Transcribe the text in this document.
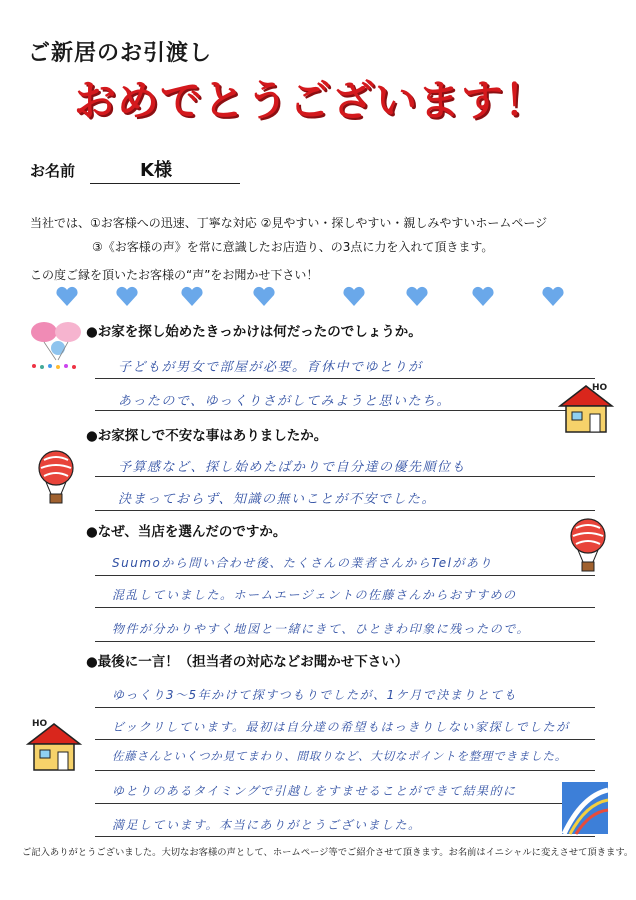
ご新居のお引渡し
おめでとうございます！
お名前	K様
当社では、①お客様への迅速、丁寧な対応 ②見やすい・探しやすい・親しみやすいホームページ
③《お客様の声》を常に意識したお店造り、の3点に力を入れて頂きます。
この度ご縁を頂いたお客様の“声”をお聞かせ下さい！
●お家を探し始めたきっかけは何だったのでしょうか。
子どもが男女で部屋が必要。育休中でゆとりが
あったので、ゆっくりさがしてみようと思いたち。
●お家探しで不安な事はありましたか。
予算感など、探し始めたばかりで自分達の優先順位も
決まっておらず、知識の無いことが不安でした。
●なぜ、当店を選んだのですか。
Suumoから問い合わせ後、たくさんの業者さんからTelがあり
混乱していました。ホームエージェントの佐藤さんからおすすめの
物件が分かりやすく地図と一緒にきて、ひときわ印象に残ったので。
●最後に一言！（担当者の対応などお聞かせ下さい）
ゆっくり3〜5年かけて探すつもりでしたが、1ケ月で決まりとても
ビックリしています。最初は自分達の希望もはっきりしない家探しでしたが
佐藤さんといくつか見てまわり、間取りなど、大切なポイントを整理できました。
ゆとりのあるタイミングで引越しをすませることができて結果的に
満足しています。本当にありがとうございました。
HO
HO
ご記入ありがとうございました。大切なお客様の声として、ホームページ等でご紹介させて頂きます。お名前はイニシャルに変えさせて頂きます。
